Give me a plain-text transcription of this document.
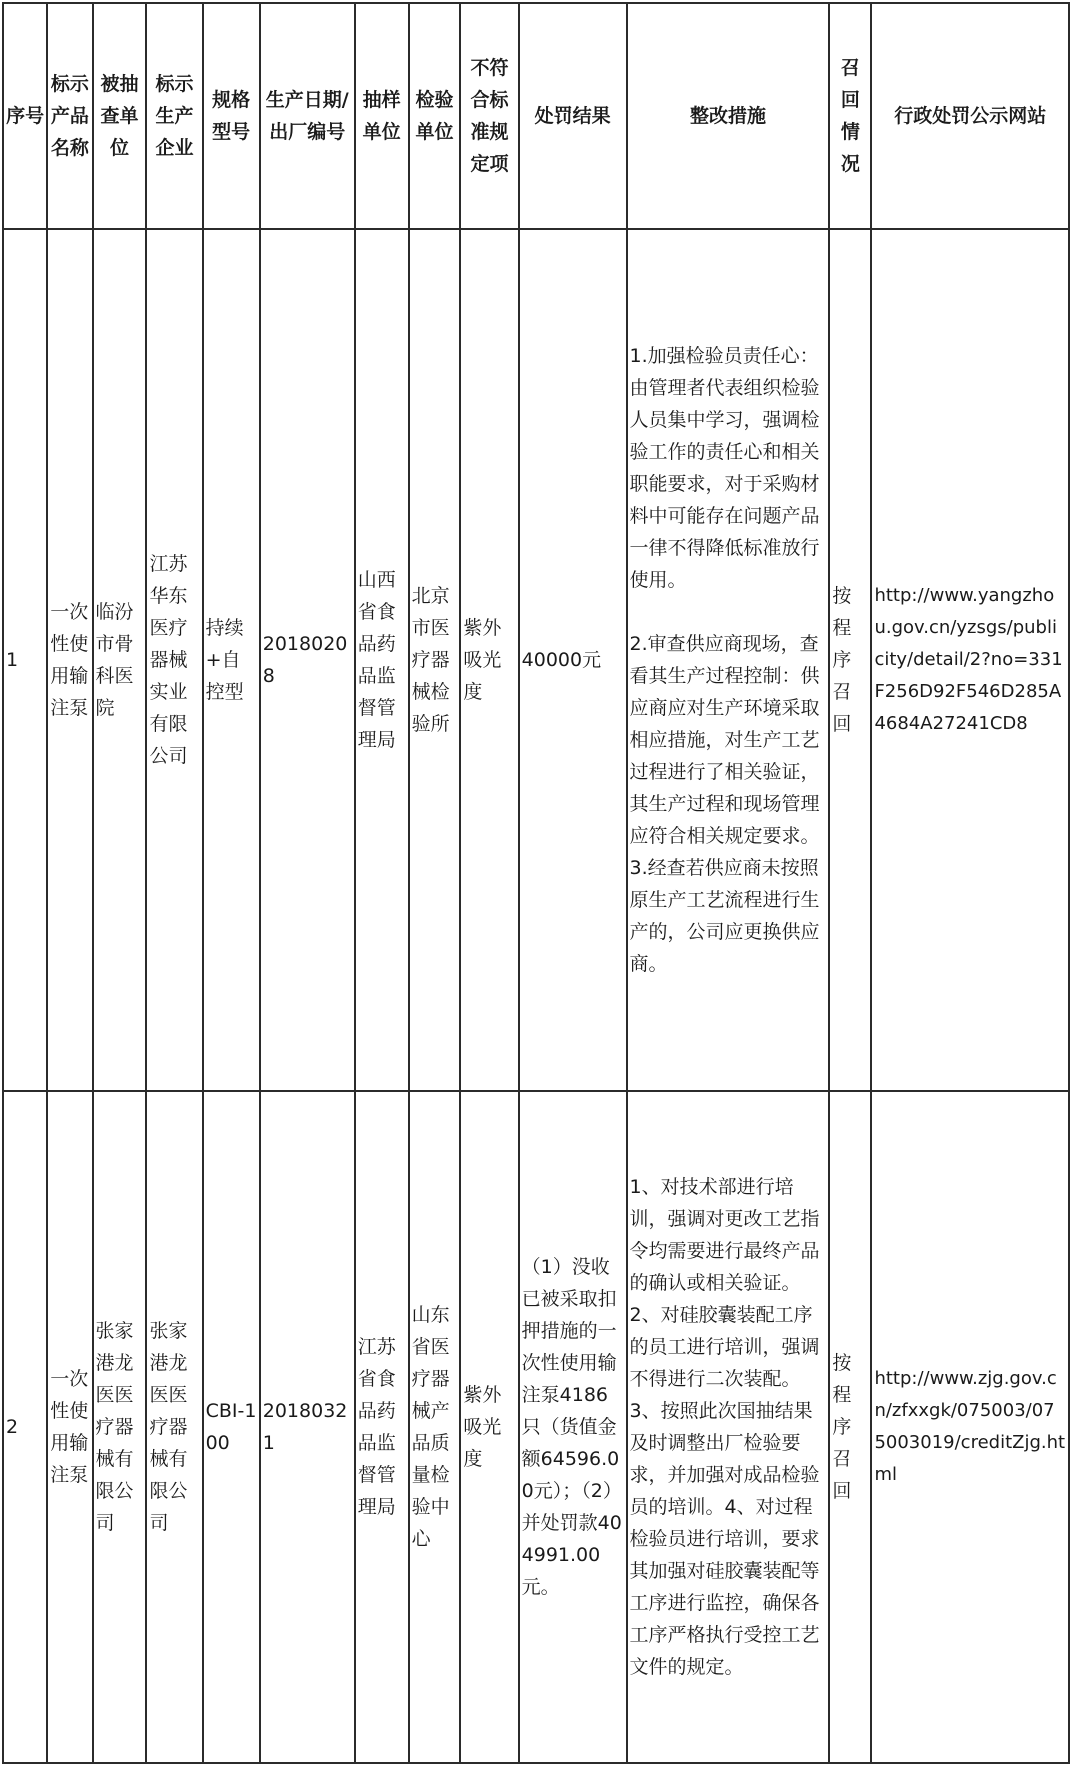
序号	标示产品名称	被抽查单位	标示生产企业	规格型号	生产日期/出厂编号	抽样单位	检验单位	不符合标准规定项	处罚结果	整改措施	召回情况	行政处罚公示网站
1	一次性使用输注泵	临汾市骨科医院	江苏华东医疗器械实业有限公司	持续+自控型	20180208	山西省食品药品监督管理局	北京市医疗器械检验所	紫外吸光度	40000元	1.加强检验员责任心：由管理者代表组织检验人员集中学习，强调检验工作的责任心和相关职能要求，对于采购材料中可能存在问题产品一律不得降低标准放行使用。
2.审查供应商现场，查看其生产过程控制：供应商应对生产环境采取相应措施，对生产工艺过程进行了相关验证，其生产过程和现场管理应符合相关规定要求。
3.经查若供应商未按照原生产工艺流程进行生产的，公司应更换供应商。	按程序召回	http://www.yangzhou.gov.cn/yzsgs/publicity/detail/2?no=331F256D92F546D285A4684A27241CD8
2	一次性使用输注泵	张家港龙医医疗器械有限公司	张家港龙医医疗器械有限公司	CBI-100	20180321	江苏省食品药品监督管理局	山东省医疗器械产品质量检验中心	紫外吸光度	（1）没收已被采取扣押措施的一次性使用输注泵4186只（货值金额64596.00元）；（2）并处罚款404991.00元。	1、对技术部进行培训，强调对更改工艺指令均需要进行最终产品的确认或相关验证。2、对硅胶囊装配工序的员工进行培训，强调不得进行二次装配。3、按照此次国抽结果及时调整出厂检验要求，并加强对成品检验员的培训。4、对过程检验员进行培训，要求其加强对硅胶囊装配等工序进行监控，确保各工序严格执行受控工艺文件的规定。	按程序召回	http://www.zjg.gov.cn/zfxxgk/075003/075003019/creditZjg.html
